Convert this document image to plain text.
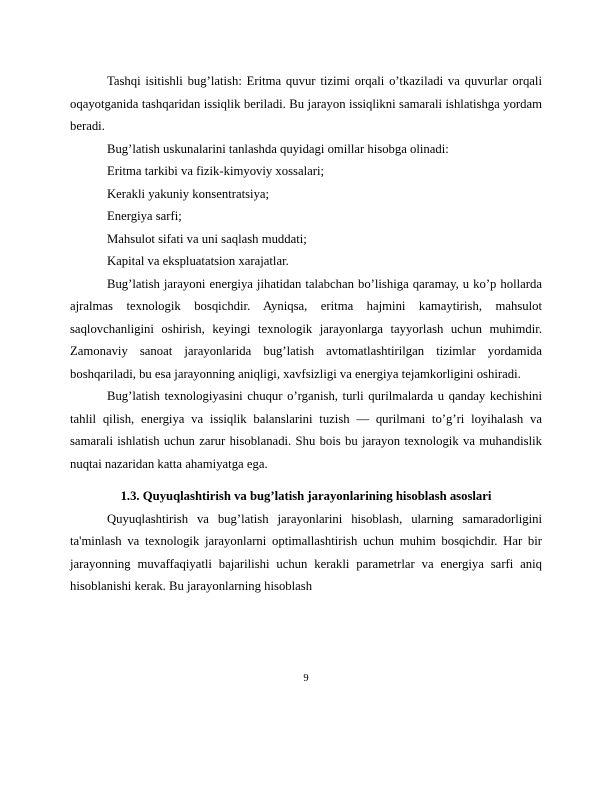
Tashqi isitishli bug’latish: Eritma quvur tizimi orqali o’tkaziladi va quvurlar orqali oqayotganida tashqaridan issiqlik beriladi. Bu jarayon issiqlikni samarali ishlatishga yordam beradi.

Bug’latish uskunalarini tanlashda quyidagi omillar hisobga olinadi:

Eritma tarkibi va fizik-kimyoviy xossalari;

Kerakli yakuniy konsentratsiya;

Energiya sarfi;

Mahsulot sifati va uni saqlash muddati;

Kapital va ekspluatatsion xarajatlar.

Bug’latish jarayoni energiya jihatidan talabchan bo’lishiga qaramay, u ko’p hollarda ajralmas texnologik bosqichdir. Ayniqsa, eritma hajmini kamaytirish, mahsulot saqlovchanligini oshirish, keyingi texnologik jarayonlarga tayyorlash uchun muhimdir. Zamonaviy sanoat jarayonlarida bug’latish avtomatlashtirilgan tizimlar yordamida boshqariladi, bu esa jarayonning aniqligi, xavfsizligi va energiya tejamkorligini oshiradi.

Bug’latish texnologiyasini chuqur o’rganish, turli qurilmalarda u qanday kechishini tahlil qilish, energiya va issiqlik balanslarini tuzish — qurilmani to’g’ri loyihalash va samarali ishlatish uchun zarur hisoblanadi. Shu bois bu jarayon texnologik va muhandislik nuqtai nazaridan katta ahamiyatga ega.

1.3. Quyuqlashtirish va bug’latish jarayonlarining hisoblash asoslari

Quyuqlashtirish va bug’latish jarayonlarini hisoblash, ularning samaradorligini ta'minlash va texnologik jarayonlarni optimallashtirish uchun muhim bosqichdir. Har bir jarayonning muvaffaqiyatli bajarilishi uchun kerakli parametrlar va energiya sarfi aniq hisoblanishi kerak. Bu jarayonlarning hisoblash

9
